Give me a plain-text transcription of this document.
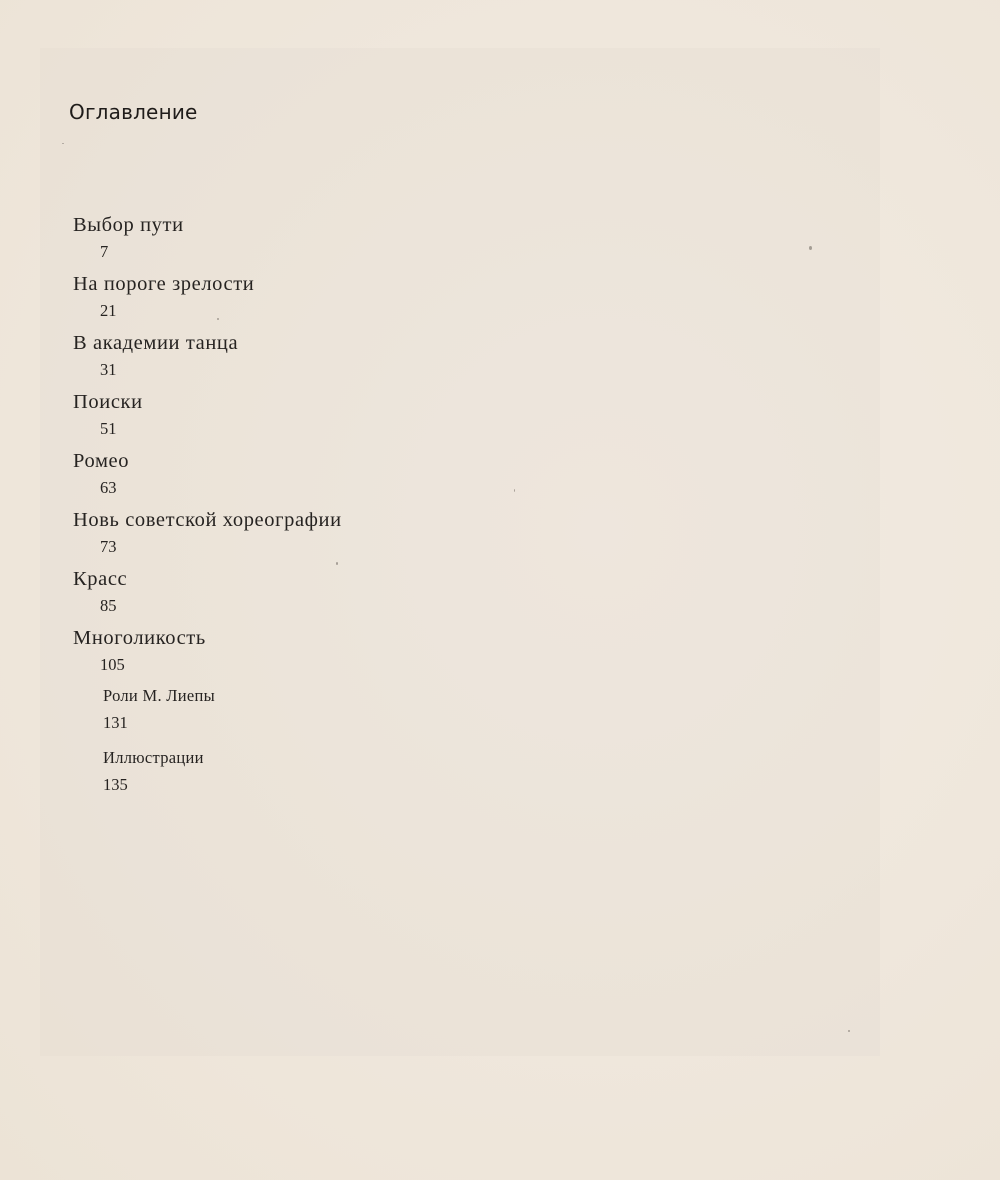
Оглавление
Выбор пути
7
На пороге зрелости
21
В академии танца
31
Поиски
51
Ромео
63
Новь советской хореографии
73
Красс
85
Многоликость
105
Роли М. Лиепы
131
Иллюстрации
135
